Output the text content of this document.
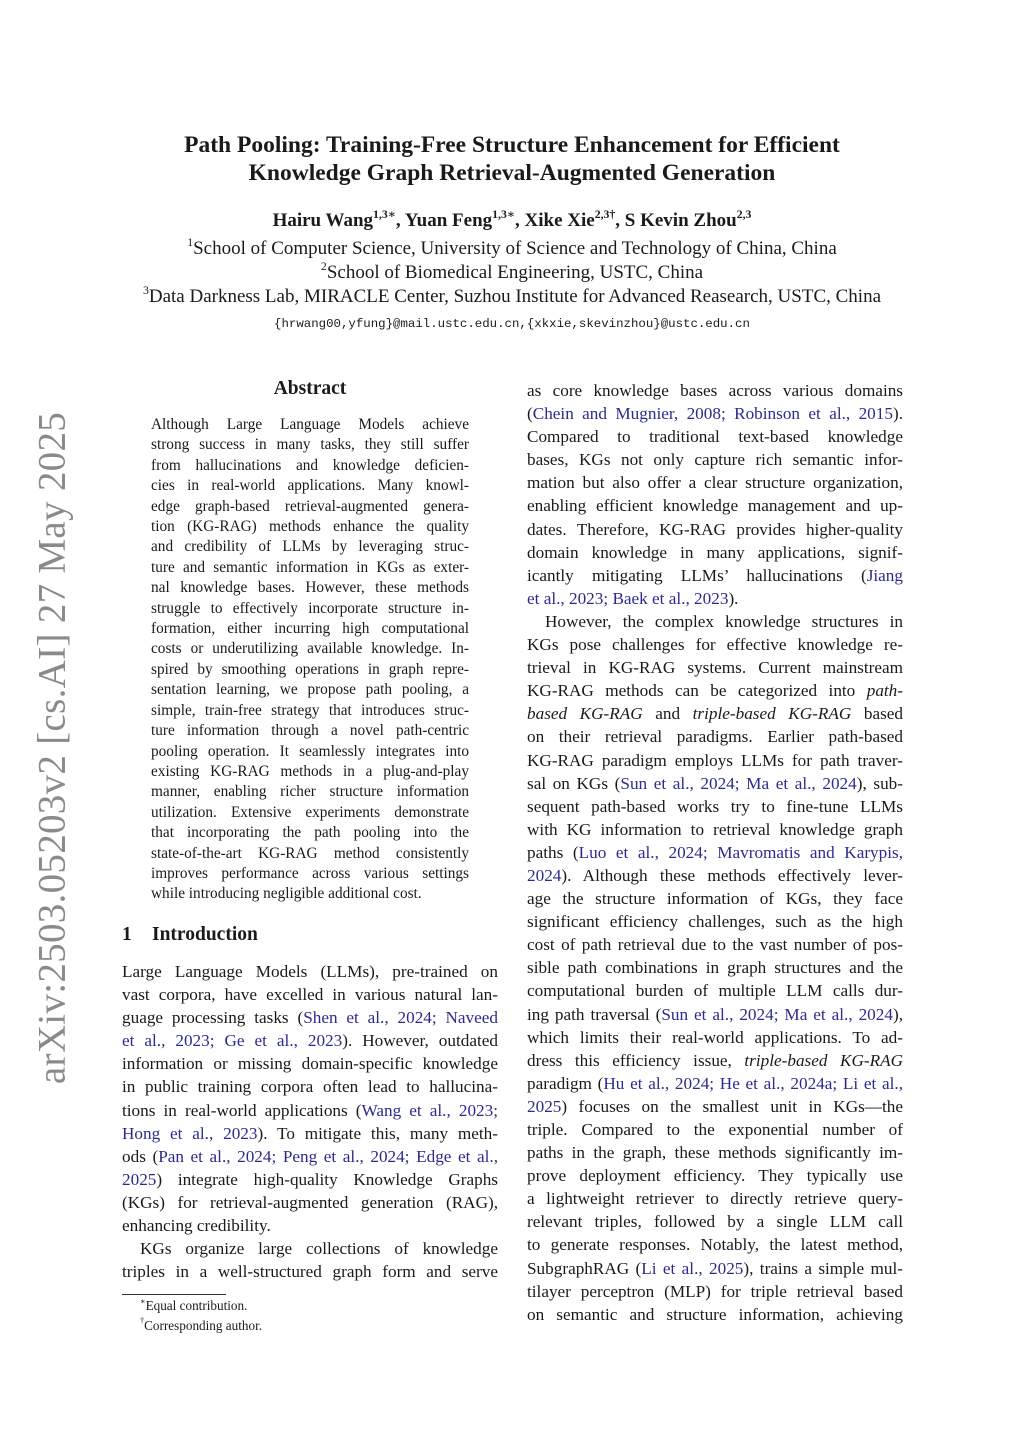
arXiv:2503.05203v2 [cs.AI] 27 May 2025
Path Pooling: Training-Free Structure Enhancement for Efficient
Knowledge Graph Retrieval-Augmented Generation
Hairu Wang$^{1,3∗}$, Yuan Feng$^{1,3∗}$, Xike Xie$^{2,3\dagger}$, S Kevin Zhou$^{2,3}$
$^1$School of Computer Science, University of Science and Technology of China, China
$^2$School of Biomedical Engineering, USTC, China
$^3$Data Darkness Lab, MIRACLE Center, Suzhou Institute for Advanced Reasearch, USTC, China
{hrwang00,yfung}@mail.ustc.edu.cn,{xkxie,skevinzhou}@ustc.edu.cn
Abstract
Although Large Language Models achieve
strong success in many tasks, they still suffer
from hallucinations and knowledge deficien-
cies in real-world applications. Many knowl-
edge graph-based retrieval-augmented genera-
tion (KG-RAG) methods enhance the quality
and credibility of LLMs by leveraging struc-
ture and semantic information in KGs as exter-
nal knowledge bases. However, these methods
struggle to effectively incorporate structure in-
formation, either incurring high computational
costs or underutilizing available knowledge. In-
spired by smoothing operations in graph repre-
sentation learning, we propose path pooling, a
simple, train-free strategy that introduces struc-
ture information through a novel path-centric
pooling operation. It seamlessly integrates into
existing KG-RAG methods in a plug-and-play
manner, enabling richer structure information
utilization. Extensive experiments demonstrate
that incorporating the path pooling into the
state-of-the-art KG-RAG method consistently
improves performance across various settings
while introducing negligible additional cost.
1 Introduction
Large Language Models (LLMs), pre-trained on
vast corpora, have excelled in various natural lan-
guage processing tasks (Shen et al., 2024; Naveed
et al., 2023; Ge et al., 2023). However, outdated
information or missing domain-specific knowledge
in public training corpora often lead to hallucina-
tions in real-world applications (Wang et al., 2023;
Hong et al., 2023). To mitigate this, many meth-
ods (Pan et al., 2024; Peng et al., 2024; Edge et al.,
2025) integrate high-quality Knowledge Graphs
(KGs) for retrieval-augmented generation (RAG),
enhancing credibility.
KGs organize large collections of knowledge
triples in a well-structured graph form and serve
as core knowledge bases across various domains
(Chein and Mugnier, 2008; Robinson et al., 2015).
Compared to traditional text-based knowledge
bases, KGs not only capture rich semantic infor-
mation but also offer a clear structure organization,
enabling efficient knowledge management and up-
dates. Therefore, KG-RAG provides higher-quality
domain knowledge in many applications, signif-
icantly mitigating LLMs’ hallucinations (Jiang
et al., 2023; Baek et al., 2023).
However, the complex knowledge structures in
KGs pose challenges for effective knowledge re-
trieval in KG-RAG systems. Current mainstream
KG-RAG methods can be categorized into path-
based KG-RAG and triple-based KG-RAG based
on their retrieval paradigms. Earlier path-based
KG-RAG paradigm employs LLMs for path traver-
sal on KGs (Sun et al., 2024; Ma et al., 2024), sub-
sequent path-based works try to fine-tune LLMs
with KG information to retrieval knowledge graph
paths (Luo et al., 2024; Mavromatis and Karypis,
2024). Although these methods effectively lever-
age the structure information of KGs, they face
significant efficiency challenges, such as the high
cost of path retrieval due to the vast number of pos-
sible path combinations in graph structures and the
computational burden of multiple LLM calls dur-
ing path traversal (Sun et al., 2024; Ma et al., 2024),
which limits their real-world applications. To ad-
dress this efficiency issue, triple-based KG-RAG
paradigm (Hu et al., 2024; He et al., 2024a; Li et al.,
2025) focuses on the smallest unit in KGs—the
triple. Compared to the exponential number of
paths in the graph, these methods significantly im-
prove deployment efficiency. They typically use
a lightweight retriever to directly retrieve query-
relevant triples, followed by a single LLM call
to generate responses. Notably, the latest method,
SubgraphRAG (Li et al., 2025), trains a simple mul-
tilayer perceptron (MLP) for triple retrieval based
on semantic and structure information, achieving
∗Equal contribution.
†Corresponding author.
